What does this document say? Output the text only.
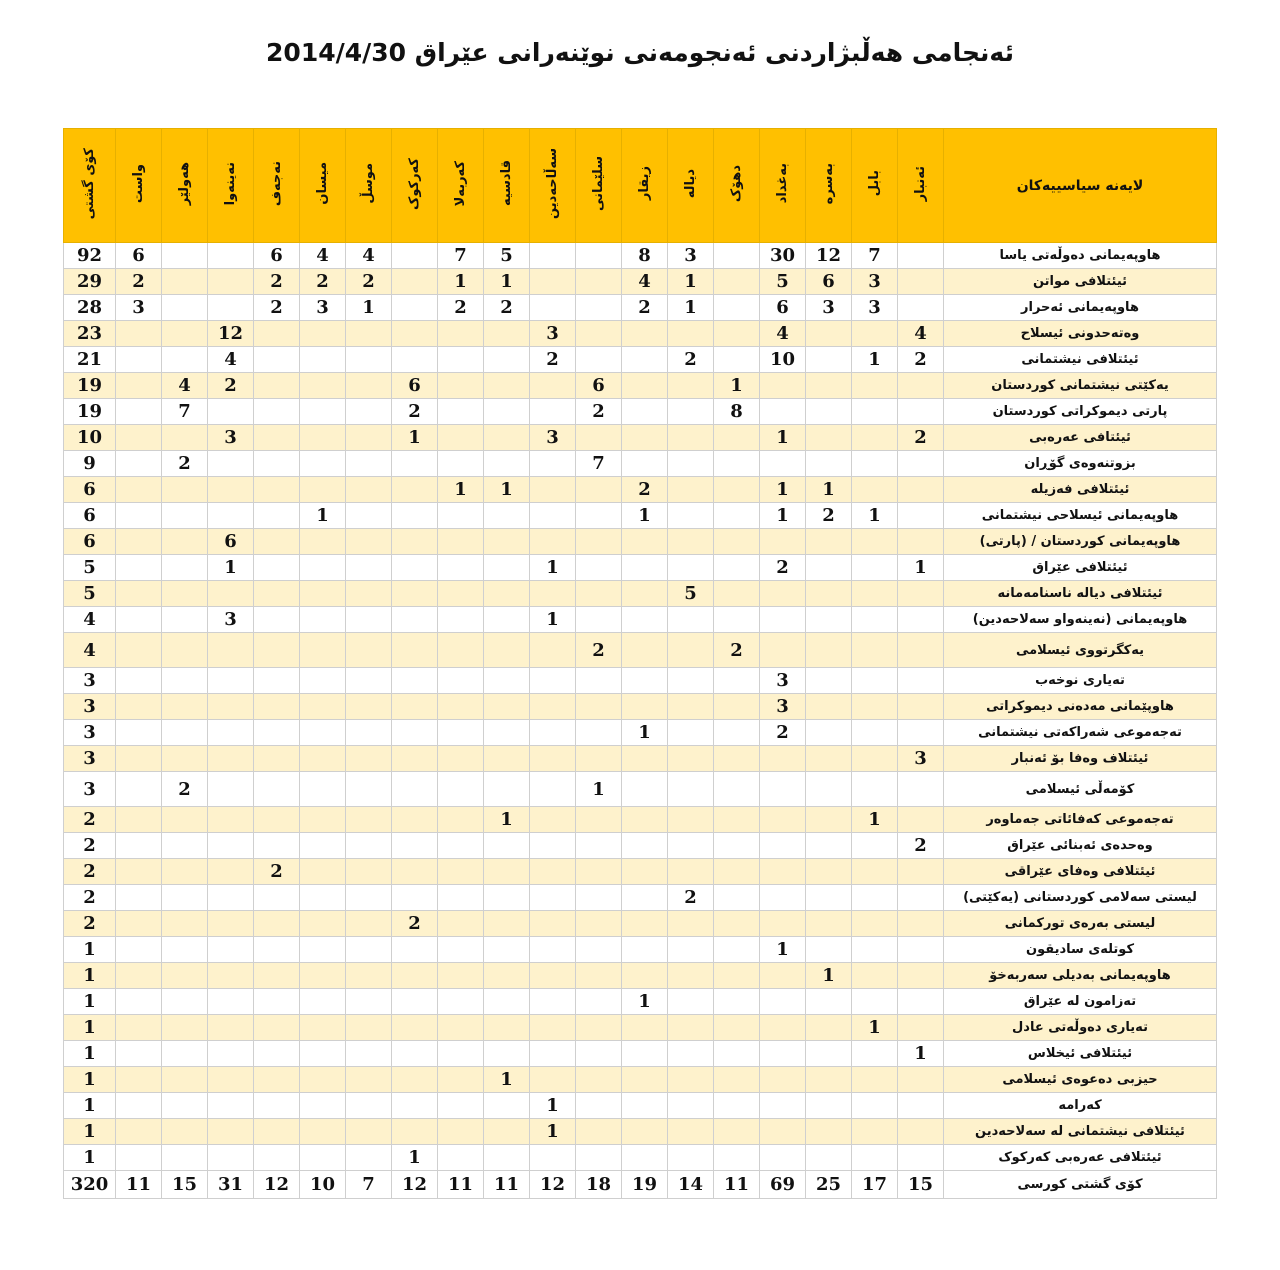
ئەنجامی هەڵبژاردنی ئەنجومەنی نوێنەرانی عێراق 2014/4/30
کۆی گشتی	واست	هەولێر	نەینەوا	نەجەف	میسان	موسڵ	کەرکوک	کەربەلا	قادسیە	سەڵاحەدین	سلێمانی	زیقار	دیالە	دهۆک	بەغداد	بەسرە	بابل	ئەنبار	لایەنە سیاسییەکان
92	6			6	4	4		7	5			8	3		30	12	7		هاوپەیمانی دەوڵەتی یاسا
29	2			2	2	2		1	1			4	1		5	6	3		ئیئتلافی مواتن
28	3			2	3	1		2	2			2	1		6	3	3		هاوپەیمانی ئەحرار
23			12							3					4			4	وەتەحدونی ئیسلاح
21			4							2			2		10		1	2	ئیئتلافی نیشتمانی
19		4	2				6				6			1					یەکێتی نیشتمانی کوردستان
19		7					2				2			8					پارتی دیموکراتی کوردستان
10			3				1			3					1			2	ئیئتافی عەرەبی
9		2									7								بزوتنەوەی گۆڕان
6								1	1			2			1	1			ئیئتلافی فەزیلە
6					1							1			1	2	1		هاوپەیمانی ئیسلاحی نیشتمانی
6			6																هاوپەیمانی کوردستان / (پارتی)
5			1							1					2			1	ئیئتلافی عێراق
5													5						ئیئتلافی دیالە ناسنامەمانە
4			3							1									هاوپەیمانی (نەینەواو سەلاحەدین)
4											2			2					یەکگرتووی ئیسلامی
3															3				تەیاری نوخەب
3															3				هاوپێمانی مەدەنی دیموکراتی
3												1			2				تەجەموعی شەراکەتی نیشتمانی
3																		3	ئیئتلاف وەفا بۆ ئەنبار
3		2									1								کۆمەڵی ئیسلامی
2									1								1		تەجەموعی کەفائاتی جەماوەر
2																		2	وەحدەی ئەبنائی عێراق
2				2															ئیئتلافی وەفای عێراقی
2													2						لیستی سەلامی کوردستانی (یەکێتی)
2							2												لیستی بەرەی تورکمانی
1															1				کوتلەی سادیقون
1																1			هاوپەیمانی بەدیلی سەربەخۆ
1												1							تەزامون لە عێراق
1																	1		تەیاری دەوڵەتی عادل
1																		1	ئیئتلافی ئیخلاس
1									1										حیزبی دەعوەی ئیسلامی
1										1									کەرامە
1										1									ئیئتلافی نیشتمانی لە سەلاحەدین
1							1												ئیئتلافی عەرەبی کەرکوک
320	11	15	31	12	10	7	12	11	11	12	18	19	14	11	69	25	17	15	کۆی گشتی کورسی
